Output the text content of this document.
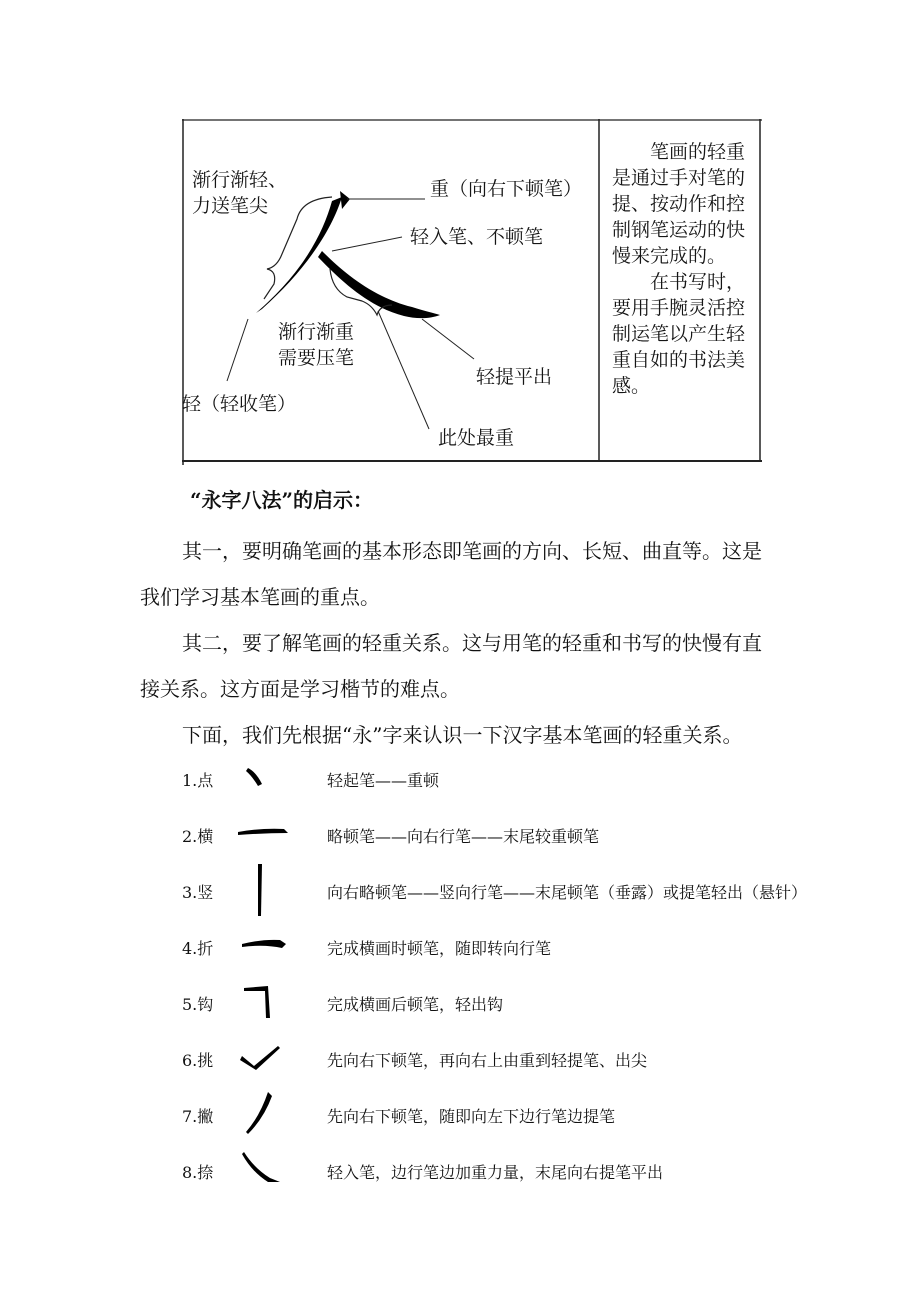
渐行渐轻、
力送笔尖
重（向右下顿笔）
轻入笔、不顿笔
渐行渐重
需要压笔
轻提平出
轻（轻收笔）
此处最重

笔画的轻重是通过手对笔的提、按动作和控制钢笔运动的快慢来完成的。

在书写时，要用手腕灵活控制运笔以产生轻重自如的书法美感。

“永字八法”的启示：
其一，要明确笔画的基本形态即笔画的方向、长短、曲直等。这是我们学习基本笔画的重点。
其二，要了解笔画的轻重关系。这与用笔的轻重和书写的快慢有直接关系。这方面是学习楷节的难点。
下面，我们先根据“永”字来认识一下汉字基本笔画的轻重关系。
1.点	轻起笔——重顿
2.横	略顿笔——向右行笔——末尾较重顿笔
3.竖	向右略顿笔——竖向行笔——末尾顿笔（垂露）或提笔轻出（悬针）
4.折	完成横画时顿笔，随即转向行笔
5.钩	完成横画后顿笔，轻出钩
6.挑	先向右下顿笔，再向右上由重到轻提笔、出尖
7.撇	先向右下顿笔，随即向左下边行笔边提笔
8.捺	轻入笔，边行笔边加重力量，末尾向右提笔平出
